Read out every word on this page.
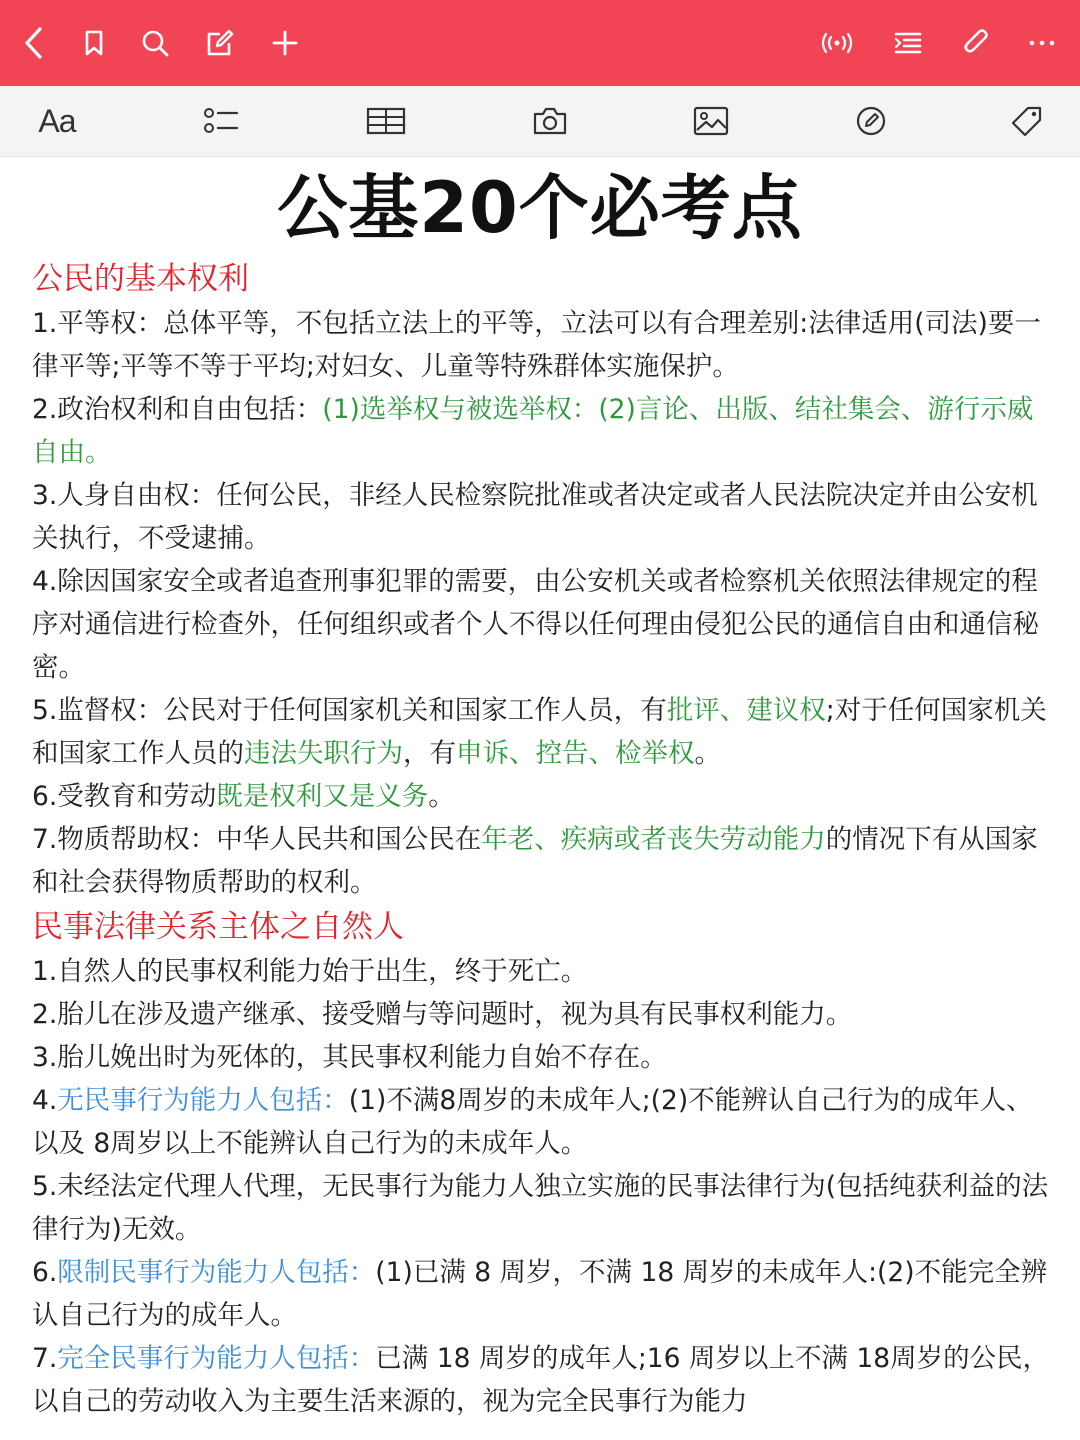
Aa
公基20个必考点
公民的基本权利
1.平等权：总体平等，不包括立法上的平等，立法可以有合理差别:法律适用(司法)要一律平等;平等不等于平均;对妇女、儿童等特殊群体实施保护。
2.政治权利和自由包括：(1)选举权与被选举权：(2)言论、出版、结社集会、游行示威自由。
3.人身自由权：任何公民，非经人民检察院批准或者决定或者人民法院决定并由公安机关执行，不受逮捕。
4.除因国家安全或者追查刑事犯罪的需要，由公安机关或者检察机关依照法律规定的程序对通信进行检查外，任何组织或者个人不得以任何理由侵犯公民的通信自由和通信秘密。
5.监督权：公民对于任何国家机关和国家工作人员，有批评、建议权;对于任何国家机关和国家工作人员的违法失职行为，有申诉、控告、检举权。
6.受教育和劳动既是权利又是义务。
7.物质帮助权：中华人民共和国公民在年老、疾病或者丧失劳动能力的情况下有从国家和社会获得物质帮助的权利。
民事法律关系主体之自然人
1.自然人的民事权利能力始于出生，终于死亡。
2.胎儿在涉及遗产继承、接受赠与等问题时，视为具有民事权利能力。
3.胎儿娩出时为死体的，其民事权利能力自始不存在。
4.无民事行为能力人包括：(1)不满8周岁的未成年人;(2)不能辨认自己行为的成年人、以及 8周岁以上不能辨认自己行为的未成年人。
5.未经法定代理人代理，无民事行为能力人独立实施的民事法律行为(包括纯获利益的法律行为)无效。
6.限制民事行为能力人包括：(1)已满 8 周岁，不满 18 周岁的未成年人:(2)不能完全辨认自己行为的成年人。
7.完全民事行为能力人包括：已满 18 周岁的成年人;16 周岁以上不满 18周岁的公民，以自己的劳动收入为主要生活来源的，视为完全民事行为能力
